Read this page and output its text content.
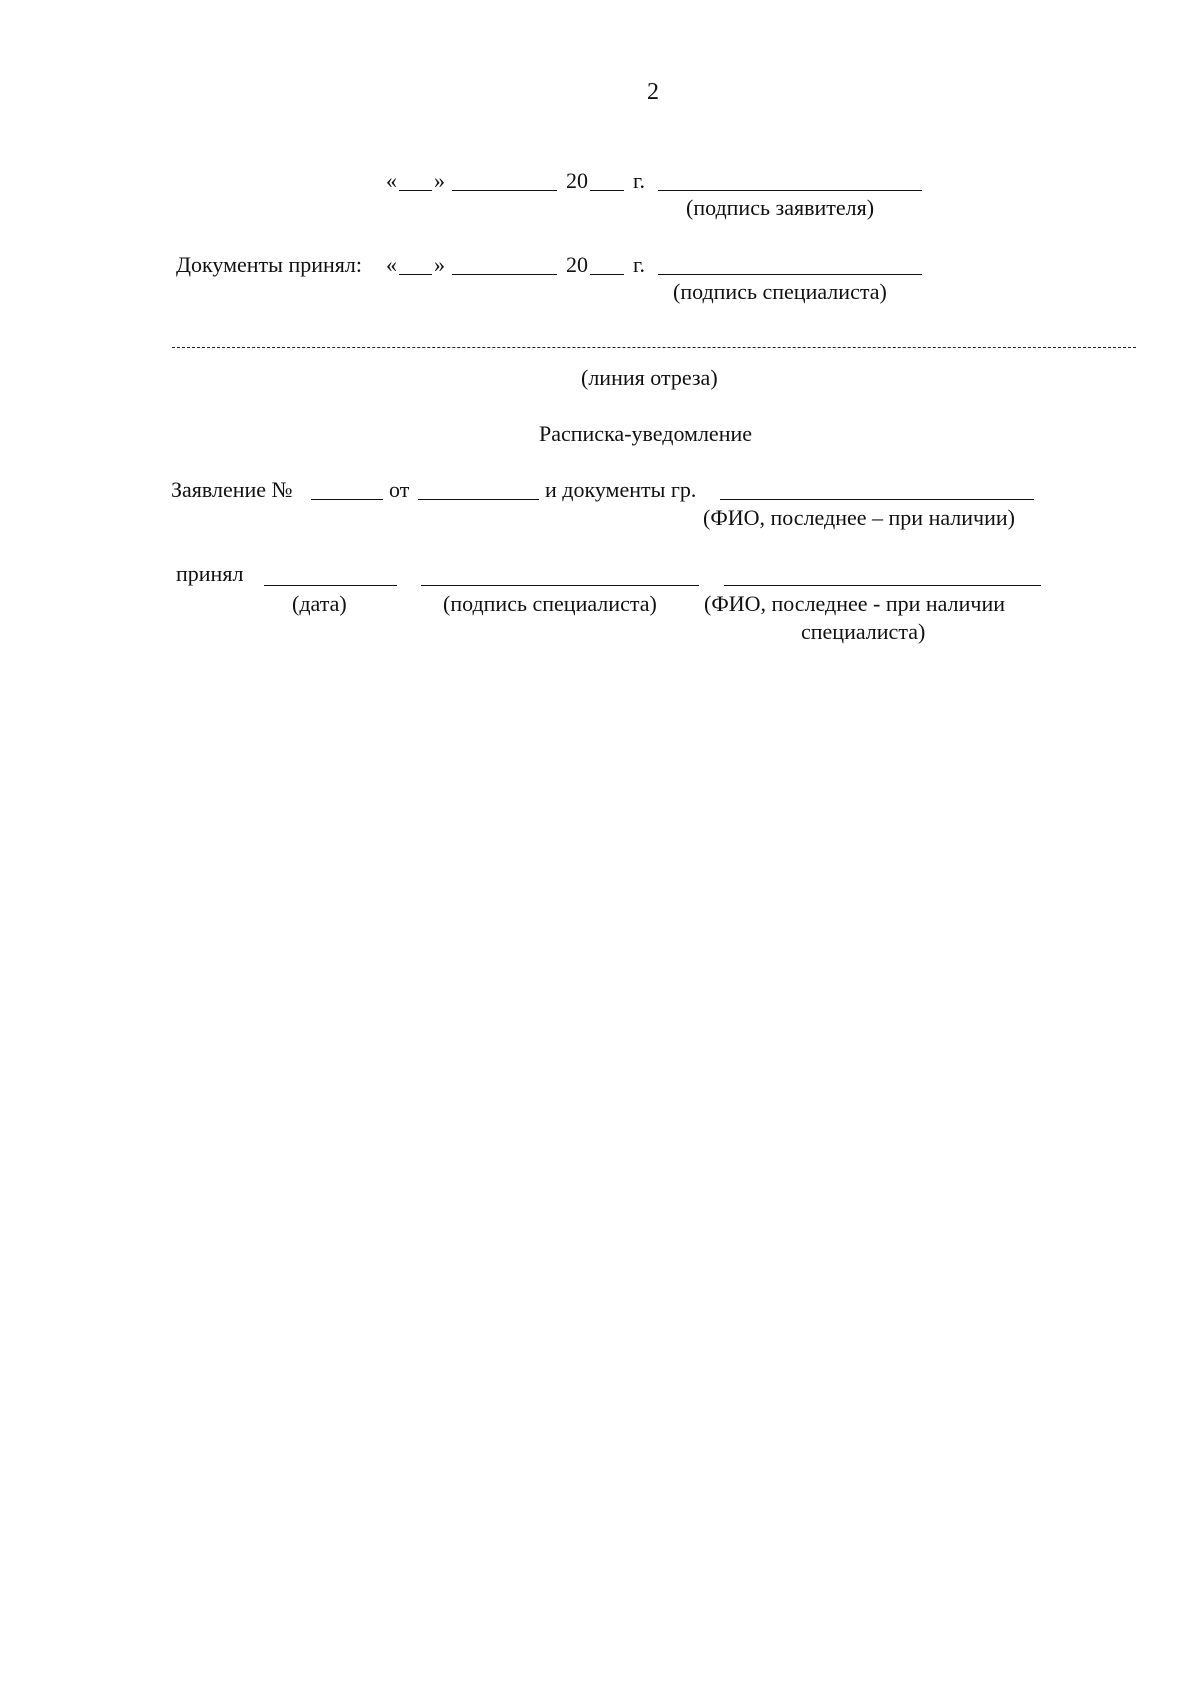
2
« »	20 г.
(подпись заявителя)
Документы принял: « »	20 г.
(подпись специалиста)
(линия отреза)
Расписка-уведомление
Заявление №	от	и документы гр.
(ФИО, последнее – при наличии)
принял
(дата)	(подпись специалиста) (ФИО, последнее - при наличии
специалиста)
